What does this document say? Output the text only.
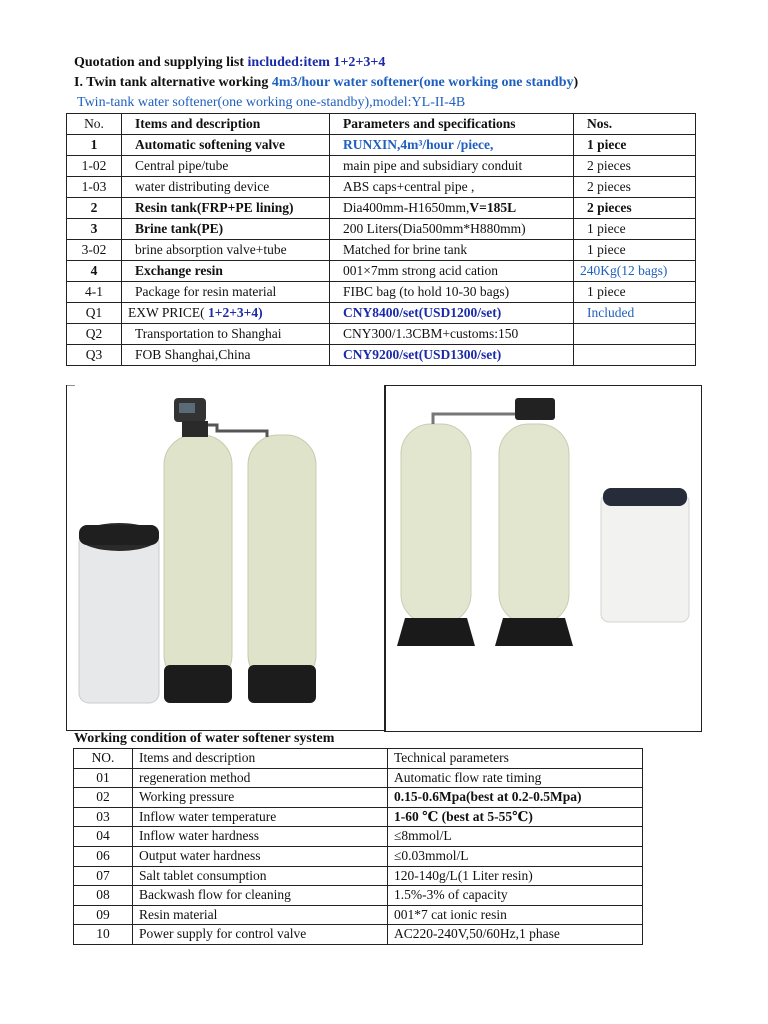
Quotation and supplying list included:item 1+2+3+4
I. Twin tank alternative working 4m3/hour water softener(one working one standby)
Twin-tank water softener(one working one-standby),model:YL-II-4B
No.	Items and description	Parameters and specifications	Nos.
1	Automatic softening valve	RUNXIN,4m³/hour /piece,	1 piece
1-02	Central pipe/tube	main pipe and subsidiary conduit	2 pieces
1-03	water distributing device	ABS caps+central pipe ,	2 pieces
2	Resin tank(FRP+PE lining)	Dia400mm-H1650mm,V=185L	2 pieces
3	Brine tank(PE)	200 Liters(Dia500mm*H880mm)	1 piece
3-02	brine absorption valve+tube	Matched for brine tank	1 piece
4	Exchange resin	001×7mm strong acid cation	240Kg(12 bags)
4-1	Package for resin material	FIBC bag (to hold 10-30 bags)	1 piece
Q1	EXW PRICE( 1+2+3+4)	CNY8400/set(USD1200/set)	Included
Q2	Transportation to Shanghai	CNY300/1.3CBM+customs:150	
Q3	FOB Shanghai,China	CNY9200/set(USD1300/set)	
Working condition of water softener system
NO.	Items and description	Technical parameters
01	regeneration method	Automatic flow rate timing
02	Working pressure	0.15-0.6Mpa(best at 0.2-0.5Mpa)
03	Inflow water temperature	1-60 ℃ (best at 5-55℃)
04	Inflow water hardness	≤8mmol/L
06	Output water hardness	≤0.03mmol/L
07	Salt tablet consumption	120-140g/L(1 Liter resin)
08	Backwash flow for cleaning	1.5%-3% of capacity
09	Resin material	001*7 cat ionic resin
10	Power supply for control valve	AC220-240V,50/60Hz,1 phase
